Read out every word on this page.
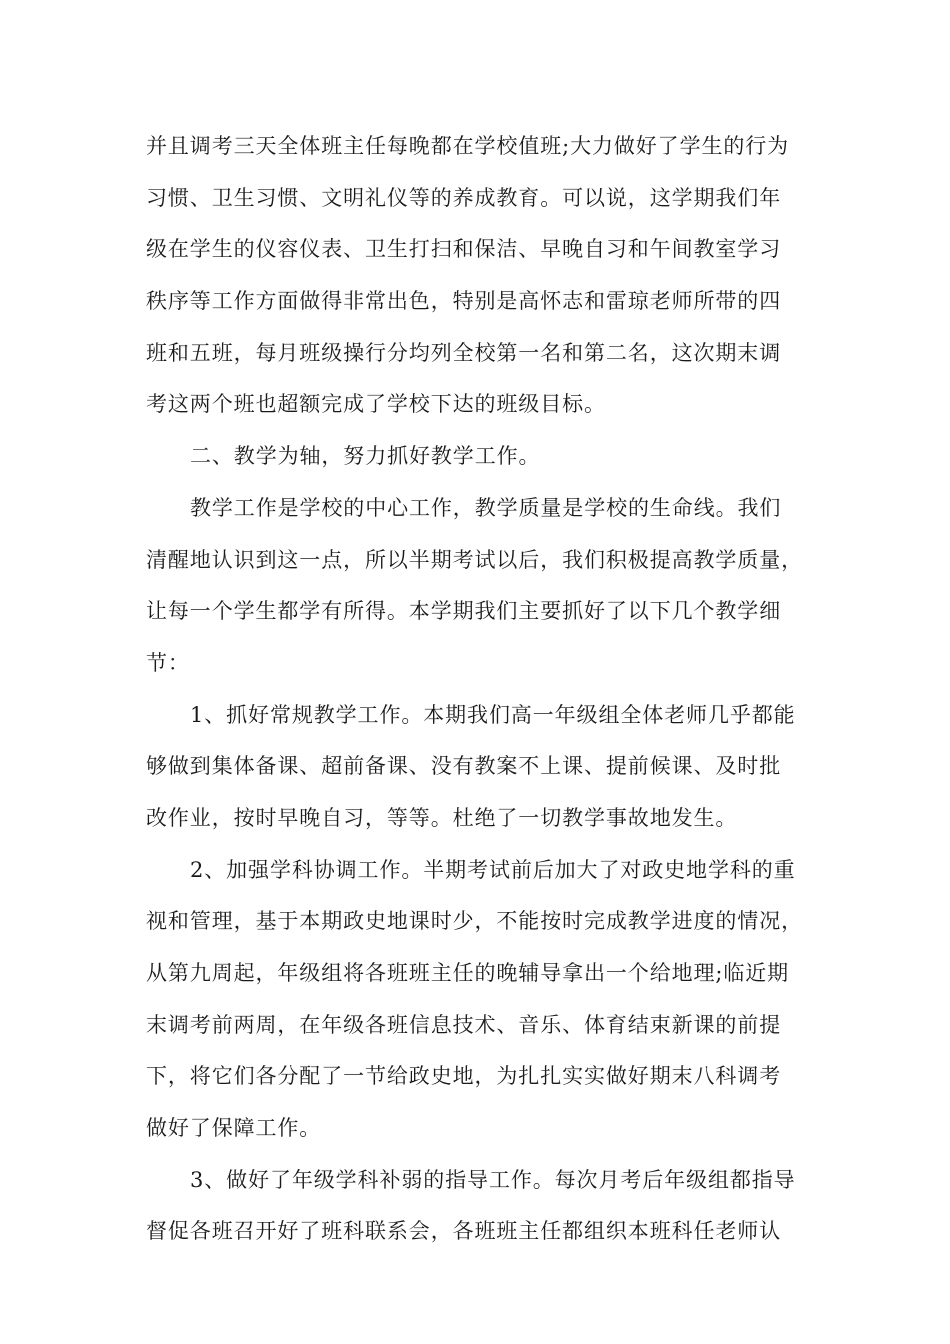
并且调考三天全体班主任每晚都在学校值班;大力做好了学生的行为
习惯、卫生习惯、文明礼仪等的养成教育。可以说，这学期我们年
级在学生的仪容仪表、卫生打扫和保洁、早晚自习和午间教室学习
秩序等工作方面做得非常出色，特别是高怀志和雷琼老师所带的四
班和五班，每月班级操行分均列全校第一名和第二名，这次期末调
考这两个班也超额完成了学校下达的班级目标。
二、教学为轴，努力抓好教学工作。
教学工作是学校的中心工作，教学质量是学校的生命线。我们
清醒地认识到这一点，所以半期考试以后，我们积极提高教学质量，
让每一个学生都学有所得。本学期我们主要抓好了以下几个教学细
节：
1、抓好常规教学工作。本期我们高一年级组全体老师几乎都能
够做到集体备课、超前备课、没有教案不上课、提前候课、及时批
改作业，按时早晚自习，等等。杜绝了一切教学事故地发生。
2、加强学科协调工作。半期考试前后加大了对政史地学科的重
视和管理，基于本期政史地课时少，不能按时完成教学进度的情况，
从第九周起，年级组将各班班主任的晚辅导拿出一个给地理;临近期
末调考前两周，在年级各班信息技术、音乐、体育结束新课的前提
下，将它们各分配了一节给政史地，为扎扎实实做好期末八科调考
做好了保障工作。
3、做好了年级学科补弱的指导工作。每次月考后年级组都指导
督促各班召开好了班科联系会，各班班主任都组织本班科任老师认
